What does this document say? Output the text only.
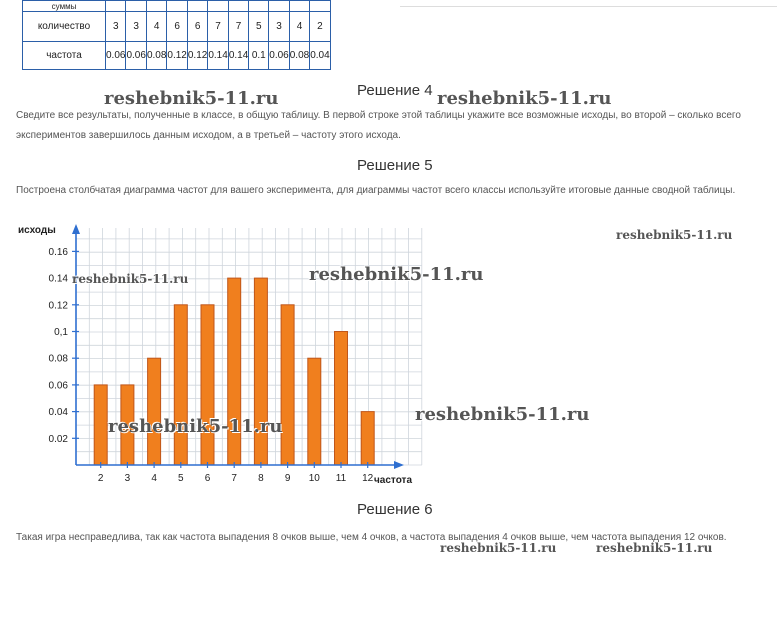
суммы											
количество	3	3	4	6	6	7	7	5	3	4	2
частота	0.06	0.06	0.08	0.12	0.12	0.14	0.14	0.1	0.06	0.08	0.04
Решение 4

Сведите все результаты, полученные в классе, в общую таблицу. В первой строке этой таблицы укажите все возможные исходы, во второй – сколько всего экспериментов завершилось данным исходом, а в третьей – частоту этого исхода.

Решение 5

Построена столбчатая диаграмма частот для вашего эксперимента, для диаграммы частот всего классы используйте итоговые данные сводной таблицы.

0.02
0.04
0.06
0.08
0,1
0.12
0.14
0.16
2 3 4 5 6 7 8 9 10 11 12
исходы
частота
Решение 6

Такая игра несправедлива, так как частота выпадения 8 очков выше, чем 4 очков, а частота выпадения 4 очков выше, чем частота выпадения 12 очков.

reshebnik5-11.ru	reshebnik5-11.ru
reshebnik5-11.ru
reshebnik5-11.ru	reshebnik5-11.ru
reshebnik5-11.ru
reshebnik5-11.ru
reshebnik5-11.ru	reshebnik5-11.ru
